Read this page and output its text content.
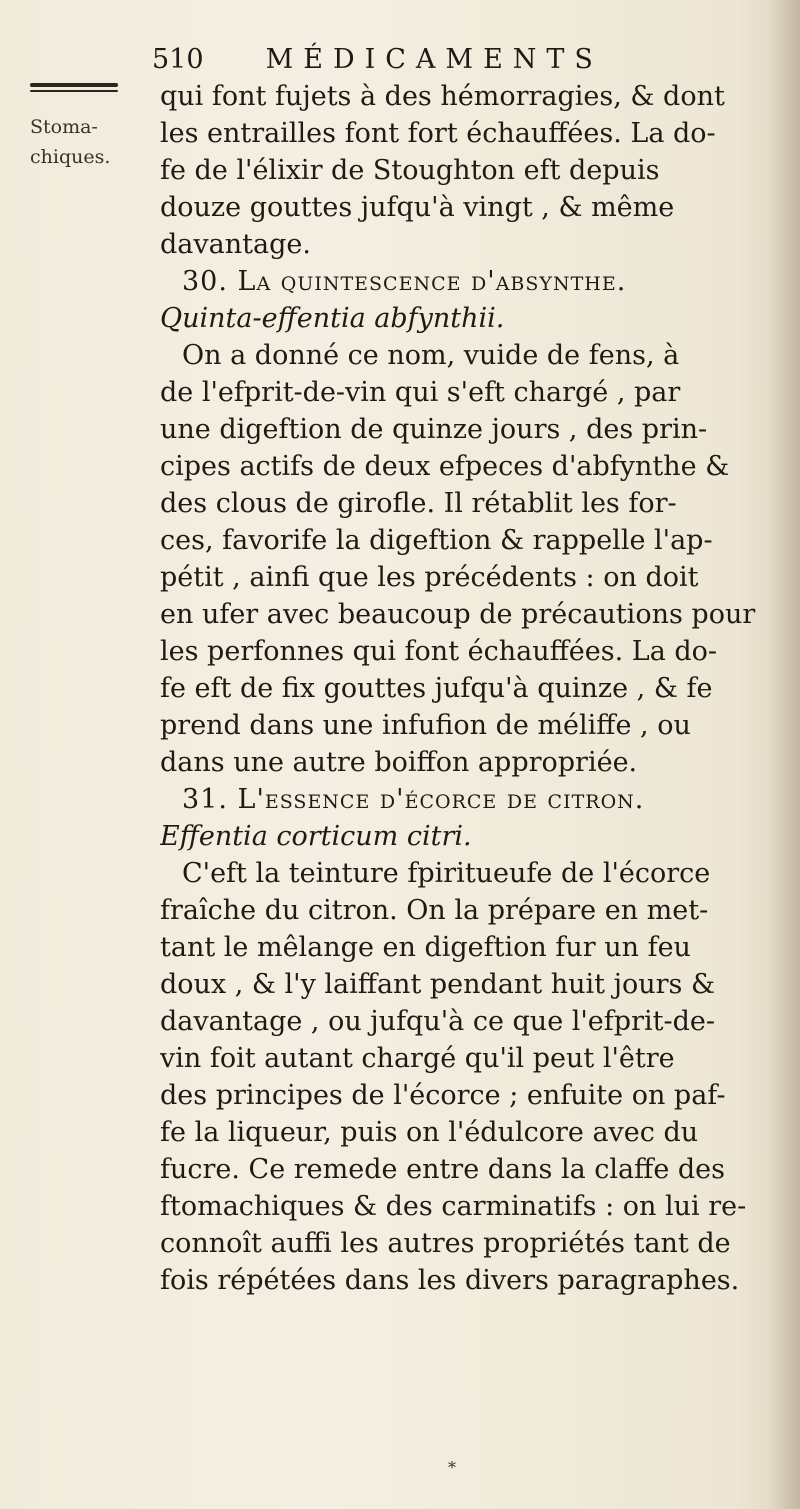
510 MÉDICAMENTS
Stoma-
chiques.
qui font fujets à des hémorragies, & dont
les entrailles font fort échauffées. La do-
fe de l'élixir de Stoughton eft depuis
douze gouttes jufqu'à vingt , & même
davantage.
30. La quintescence d'absynthe.
Quinta-effentia abfynthii.
On a donné ce nom, vuide de fens, à
de l'efprit-de-vin qui s'eft chargé , par
une digeftion de quinze jours , des prin-
cipes actifs de deux efpeces d'abfynthe &
des clous de girofle. Il rétablit les for-
ces, favorife la digeftion & rappelle l'ap-
pétit , ainfi que les précédents : on doit
en ufer avec beaucoup de précautions pour
les perfonnes qui font échauffées. La do-
fe eft de fix gouttes jufqu'à quinze , & fe
prend dans une infufion de méliffe , ou
dans une autre boiffon appropriée.
31. L'essence d'écorce de citron.
Effentia corticum citri.
C'eft la teinture fpiritueufe de l'écorce
fraîche du citron. On la prépare en met-
tant le mêlange en digeftion fur un feu
doux , & l'y laiffant pendant huit jours &
davantage , ou jufqu'à ce que l'efprit-de-
vin foit autant chargé qu'il peut l'être
des principes de l'écorce ; enfuite on paf-
fe la liqueur, puis on l'édulcore avec du
fucre. Ce remede entre dans la claffe des
ftomachiques & des carminatifs : on lui re-
connoît auffi les autres propriétés tant de
fois répétées dans les divers paragraphes.
*
